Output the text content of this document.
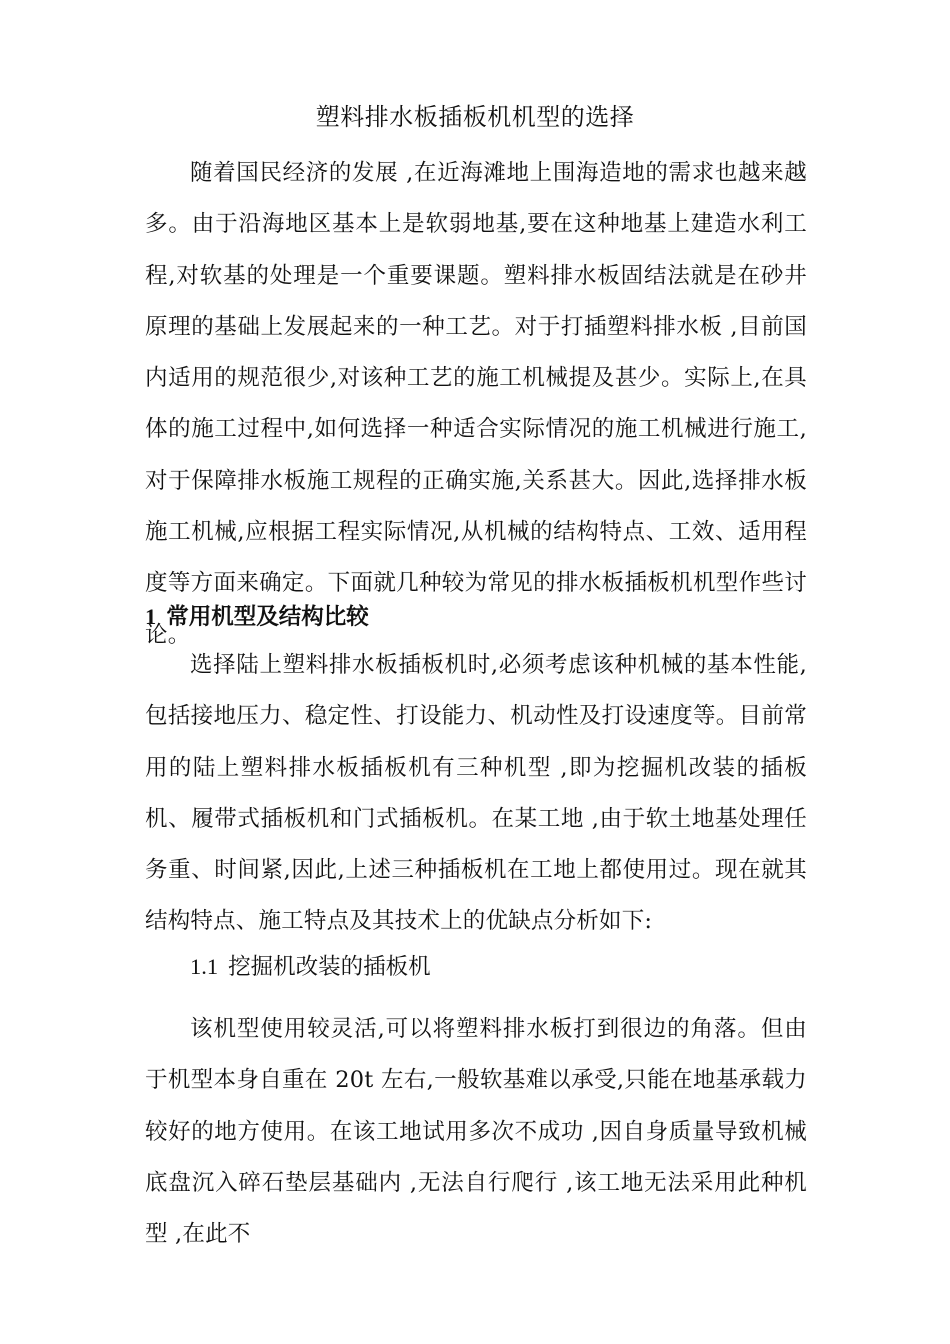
塑料排水板插板机机型的选择

随着国民经济的发展 ,在近海滩地上围海造地的需求也越来越多。由于沿海地区基本上是软弱地基,要在这种地基上建造水利工程,对软基的处理是一个重要课题。塑料排水板固结法就是在砂井原理的基础上发展起来的一种工艺。对于打插塑料排水板 ,目前国内适用的规范很少,对该种工艺的施工机械提及甚少。实际上,在具体的施工过程中,如何选择一种适合实际情况的施工机械进行施工,对于保障排水板施工规程的正确实施,关系甚大。因此,选择排水板施工机械,应根据工程实际情况,从机械的结构特点、工效、适用程度等方面来确定。下面就几种较为常见的排水板插板机机型作些讨论。

1 常用机型及结构比较

选择陆上塑料排水板插板机时,必须考虑该种机械的基本性能,包括接地压力、稳定性、打设能力、机动性及打设速度等。目前常用的陆上塑料排水板插板机有三种机型 ,即为挖掘机改装的插板机、履带式插板机和门式插板机。在某工地 ,由于软土地基处理任务重、时间紧,因此,上述三种插板机在工地上都使用过。现在就其结构特点、施工特点及其技术上的优缺点分析如下:

1.1 挖掘机改装的插板机

该机型使用较灵活,可以将塑料排水板打到很边的角落。但由于机型本身自重在 20t 左右,一般软基难以承受,只能在地基承载力较好的地方使用。在该工地试用多次不成功 ,因自身质量导致机械底盘沉入碎石垫层基础内 ,无法自行爬行 ,该工地无法采用此种机型 ,在此不
